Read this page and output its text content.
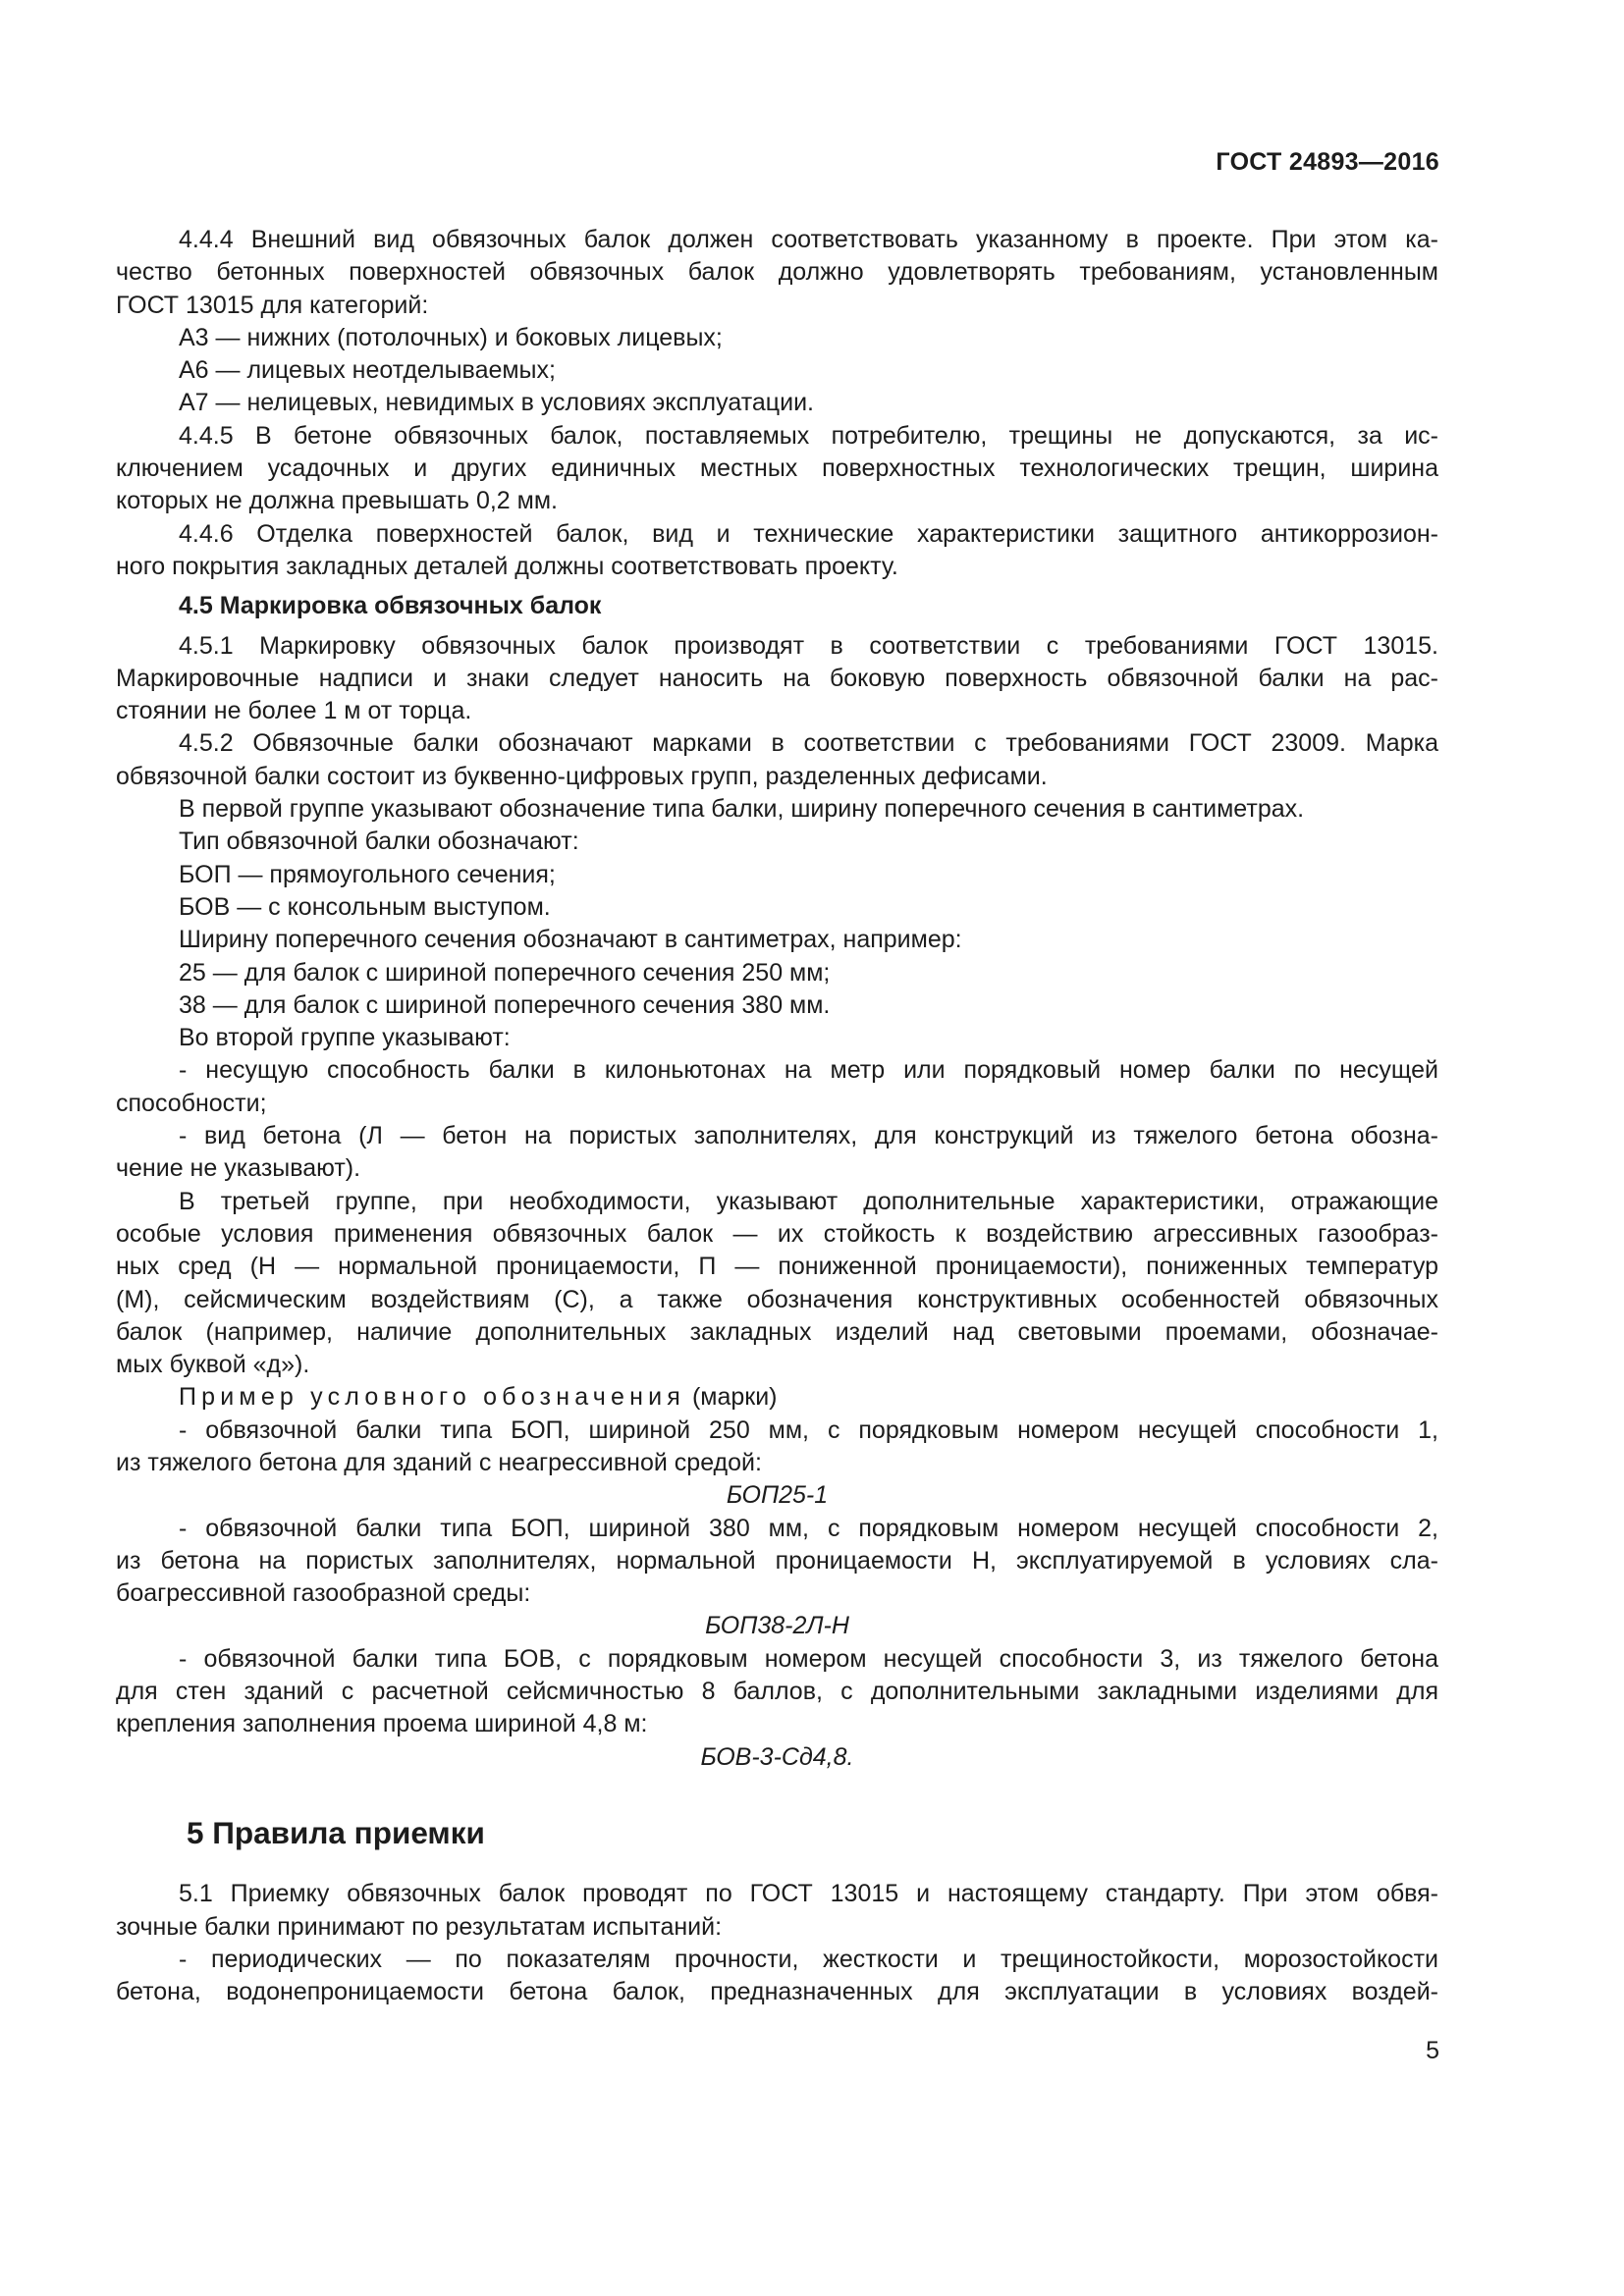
ГОСТ 24893—2016

4.4.4 Внешний вид обвязочных балок должен соответствовать указанному в проекте. При этом ка-

чество бетонных поверхностей обвязочных балок должно удовлетворять требованиям, установленным

ГОСТ 13015 для категорий:

А3 — нижних (потолочных) и боковых лицевых;

А6 — лицевых неотделываемых;

А7 — нелицевых, невидимых в условиях эксплуатации.

4.4.5 В бетоне обвязочных балок, поставляемых потребителю, трещины не допускаются, за ис-

ключением усадочных и других единичных местных поверхностных технологических трещин, ширина

которых не должна превышать 0,2 мм.

4.4.6 Отделка поверхностей балок, вид и технические характеристики защитного антикоррозион-

ного покрытия закладных деталей должны соответствовать проекту.

4.5 Маркировка обвязочных балок

4.5.1 Маркировку обвязочных балок производят в соответствии с требованиями ГОСТ 13015.

Маркировочные надписи и знаки следует наносить на боковую поверхность обвязочной балки на рас-

стоянии не более 1 м от торца.

4.5.2 Обвязочные балки обозначают марками в соответствии с требованиями ГОСТ 23009. Марка

обвязочной балки состоит из буквенно-цифровых групп, разделенных дефисами.

В первой группе указывают обозначение типа балки, ширину поперечного сечения в сантиметрах.

Тип обвязочной балки обозначают:

БОП — прямоугольного сечения;

БОВ — с консольным выступом.

Ширину поперечного сечения обозначают в сантиметрах, например:

25 — для балок с шириной поперечного сечения 250 мм;

38 — для балок с шириной поперечного сечения 380 мм.

Во второй группе указывают:

- несущую способность балки в килоньютонах на метр или порядковый номер балки по несущей

способности;

- вид бетона (Л — бетон на пористых заполнителях, для конструкций из тяжелого бетона обозна-

чение не указывают).

В третьей группе, при необходимости, указывают дополнительные характеристики, отражающие

особые условия применения обвязочных балок — их стойкость к воздействию агрессивных газообраз-

ных сред (Н — нормальной проницаемости, П — пониженной проницаемости), пониженных температур

(М), сейсмическим воздействиям (С), а также обозначения конструктивных особенностей обвязочных

балок (например, наличие дополнительных закладных изделий над световыми проемами, обозначае-

мых буквой «д»).

Пример условного обозначения (марки)

- обвязочной балки типа БОП, шириной 250 мм, с порядковым номером несущей способности 1,

из тяжелого бетона для зданий с неагрессивной средой:

БОП25-1

- обвязочной балки типа БОП, шириной 380 мм, с порядковым номером несущей способности 2,

из бетона на пористых заполнителях, нормальной проницаемости Н, эксплуатируемой в условиях сла-

боагрессивной газообразной среды:

БОП38-2Л-Н

- обвязочной балки типа БОВ, с порядковым номером несущей способности 3, из тяжелого бетона

для стен зданий с расчетной сейсмичностью 8 баллов, с дополнительными закладными изделиями для

крепления заполнения проема шириной 4,8 м:

БОВ-3-Сд4,8.

5 Правила приемки

5.1 Приемку обвязочных балок проводят по ГОСТ 13015 и настоящему стандарту. При этом обвя-

зочные балки принимают по результатам испытаний:

- периодических — по показателям прочности, жесткости и трещиностойкости, морозостойкости

бетона, водонепроницаемости бетона балок, предназначенных для эксплуатации в условиях воздей-

5
